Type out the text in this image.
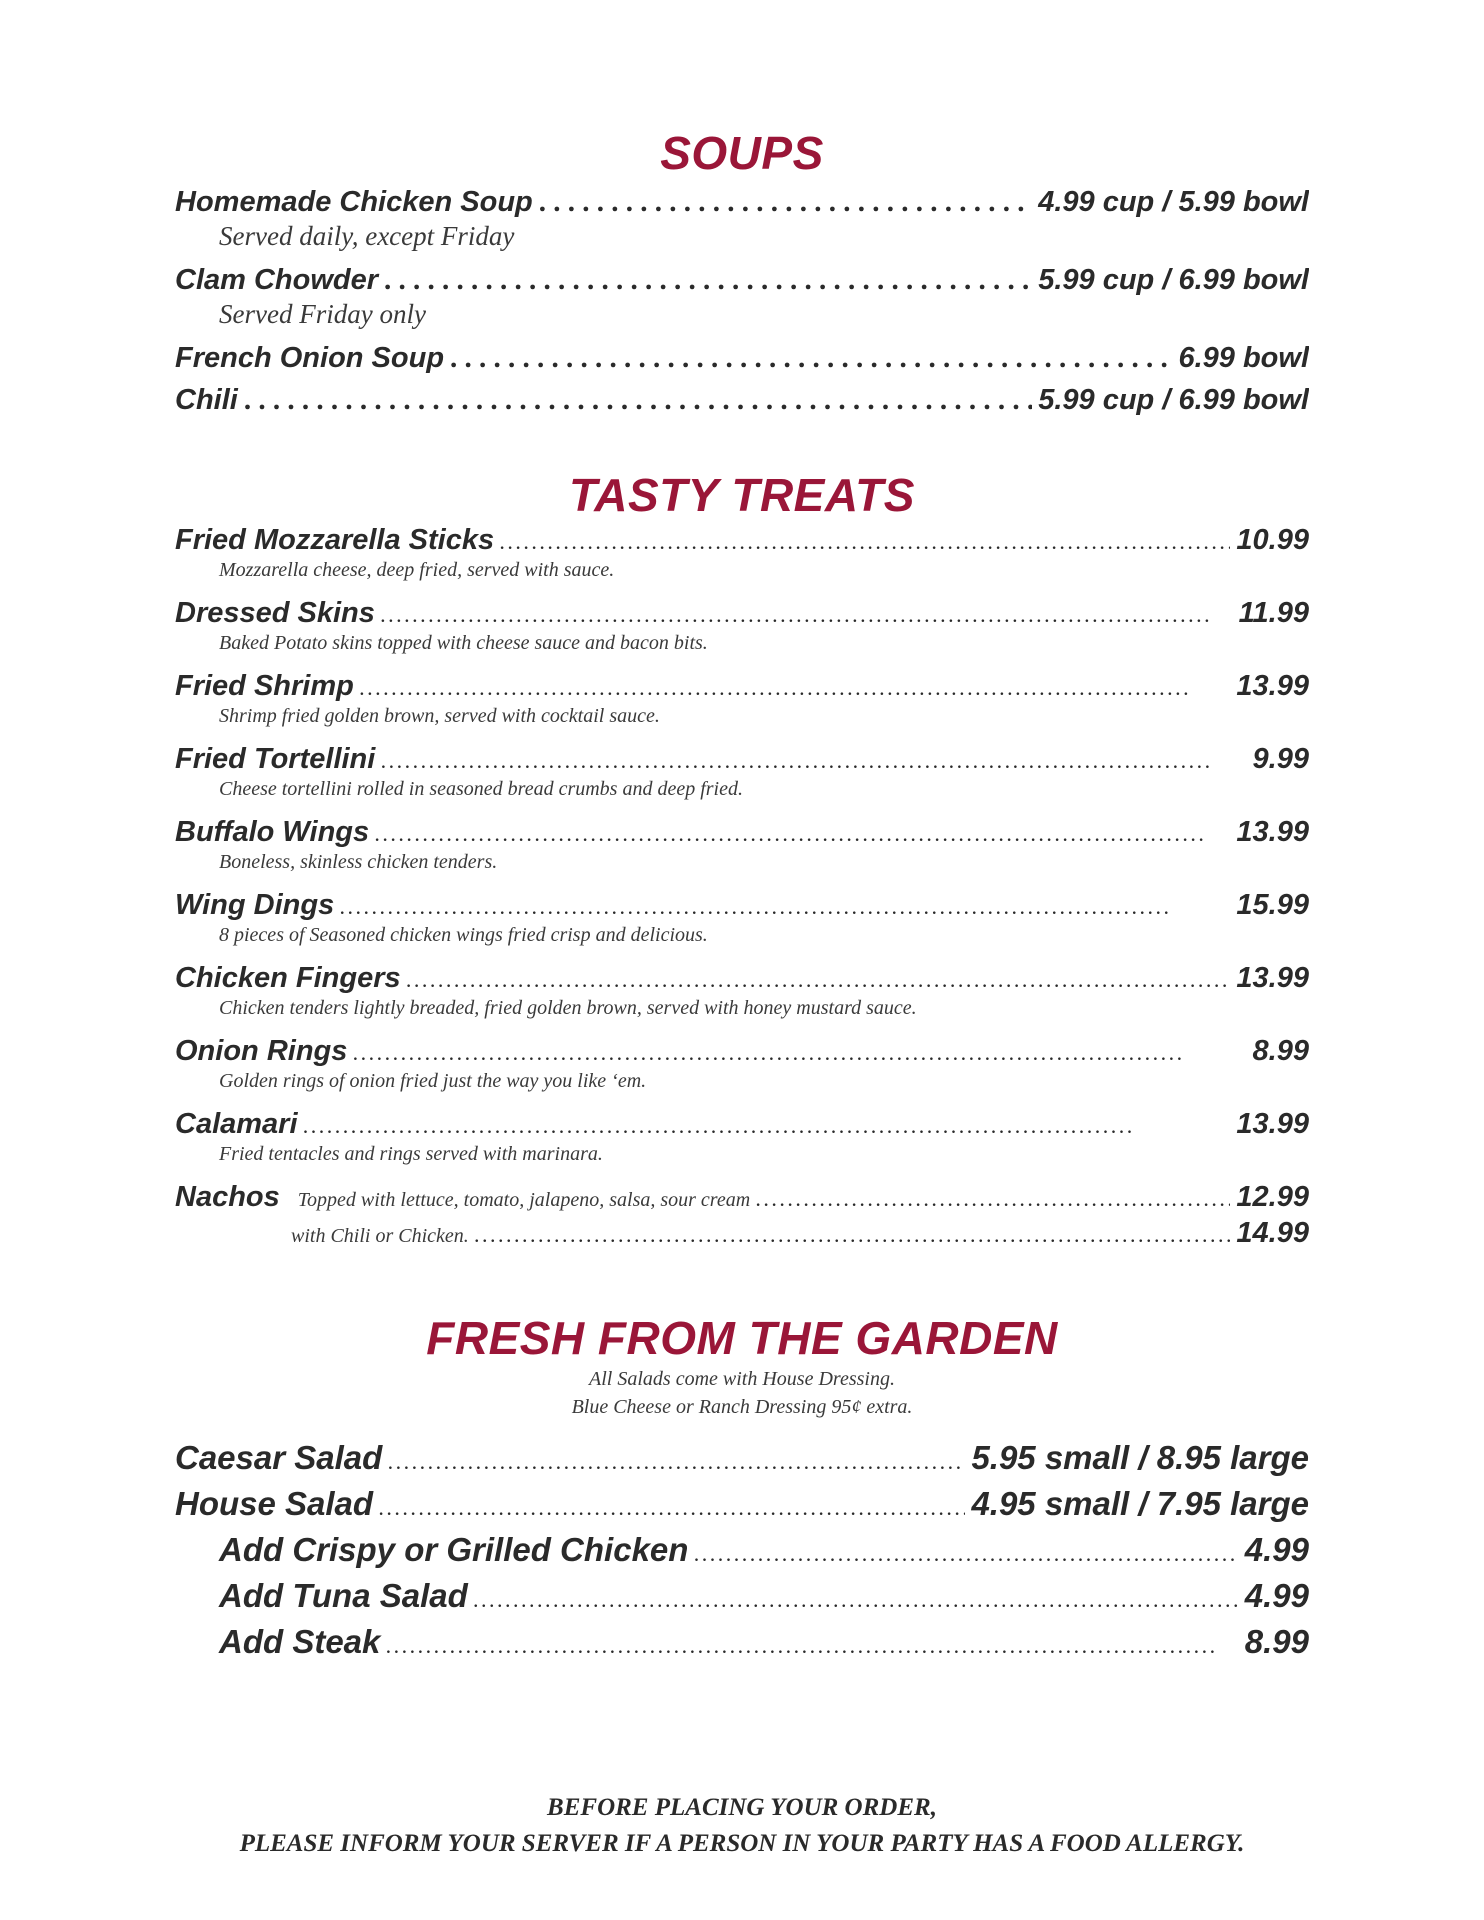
SOUPS
Homemade Chicken Soup . . .	4.99 cup / 5.99 bowl
Served daily, except Friday
Clam Chowder . . .	5.99 cup / 6.99 bowl
Served Friday only
French Onion Soup . . .	6.99 bowl
Chili . . .	5.99 cup / 6.99 bowl
TASTY TREATS
Fried Mozzarella Sticks . . .	10.99
Mozzarella cheese, deep fried, served with sauce.
Dressed Skins . . .	11.99
Baked Potato skins topped with cheese sauce and bacon bits.
Fried Shrimp . . .	13.99
Shrimp fried golden brown, served with cocktail sauce.
Fried Tortellini . . .	9.99
Cheese tortellini rolled in seasoned bread crumbs and deep fried.
Buffalo Wings . . .	13.99
Boneless, skinless chicken tenders.
Wing Dings . . .	15.99
8 pieces of Seasoned chicken wings fried crisp and delicious.
Chicken Fingers . . .	13.99
Chicken tenders lightly breaded, fried golden brown, served with honey mustard sauce.
Onion Rings . . .	8.99
Golden rings of onion fried just the way you like ‘em.
Calamari . . .	13.99
Fried tentacles and rings served with marinara.
Nachos Topped with lettuce, tomato, jalapeno, salsa, sour cream . . .	12.99
with Chili or Chicken. . . .	14.99
FRESH FROM THE GARDEN
All Salads come with House Dressing.
Blue Cheese or Ranch Dressing 95¢ extra.
Caesar Salad . . .	5.95 small / 8.95 large
House Salad . . .	4.95 small / 7.95 large
Add Crispy or Grilled Chicken . . .	4.99
Add Tuna Salad . . .	4.99
Add Steak . . .	8.99
BEFORE PLACING YOUR ORDER,
PLEASE INFORM YOUR SERVER IF A PERSON IN YOUR PARTY HAS A FOOD ALLERGY.
